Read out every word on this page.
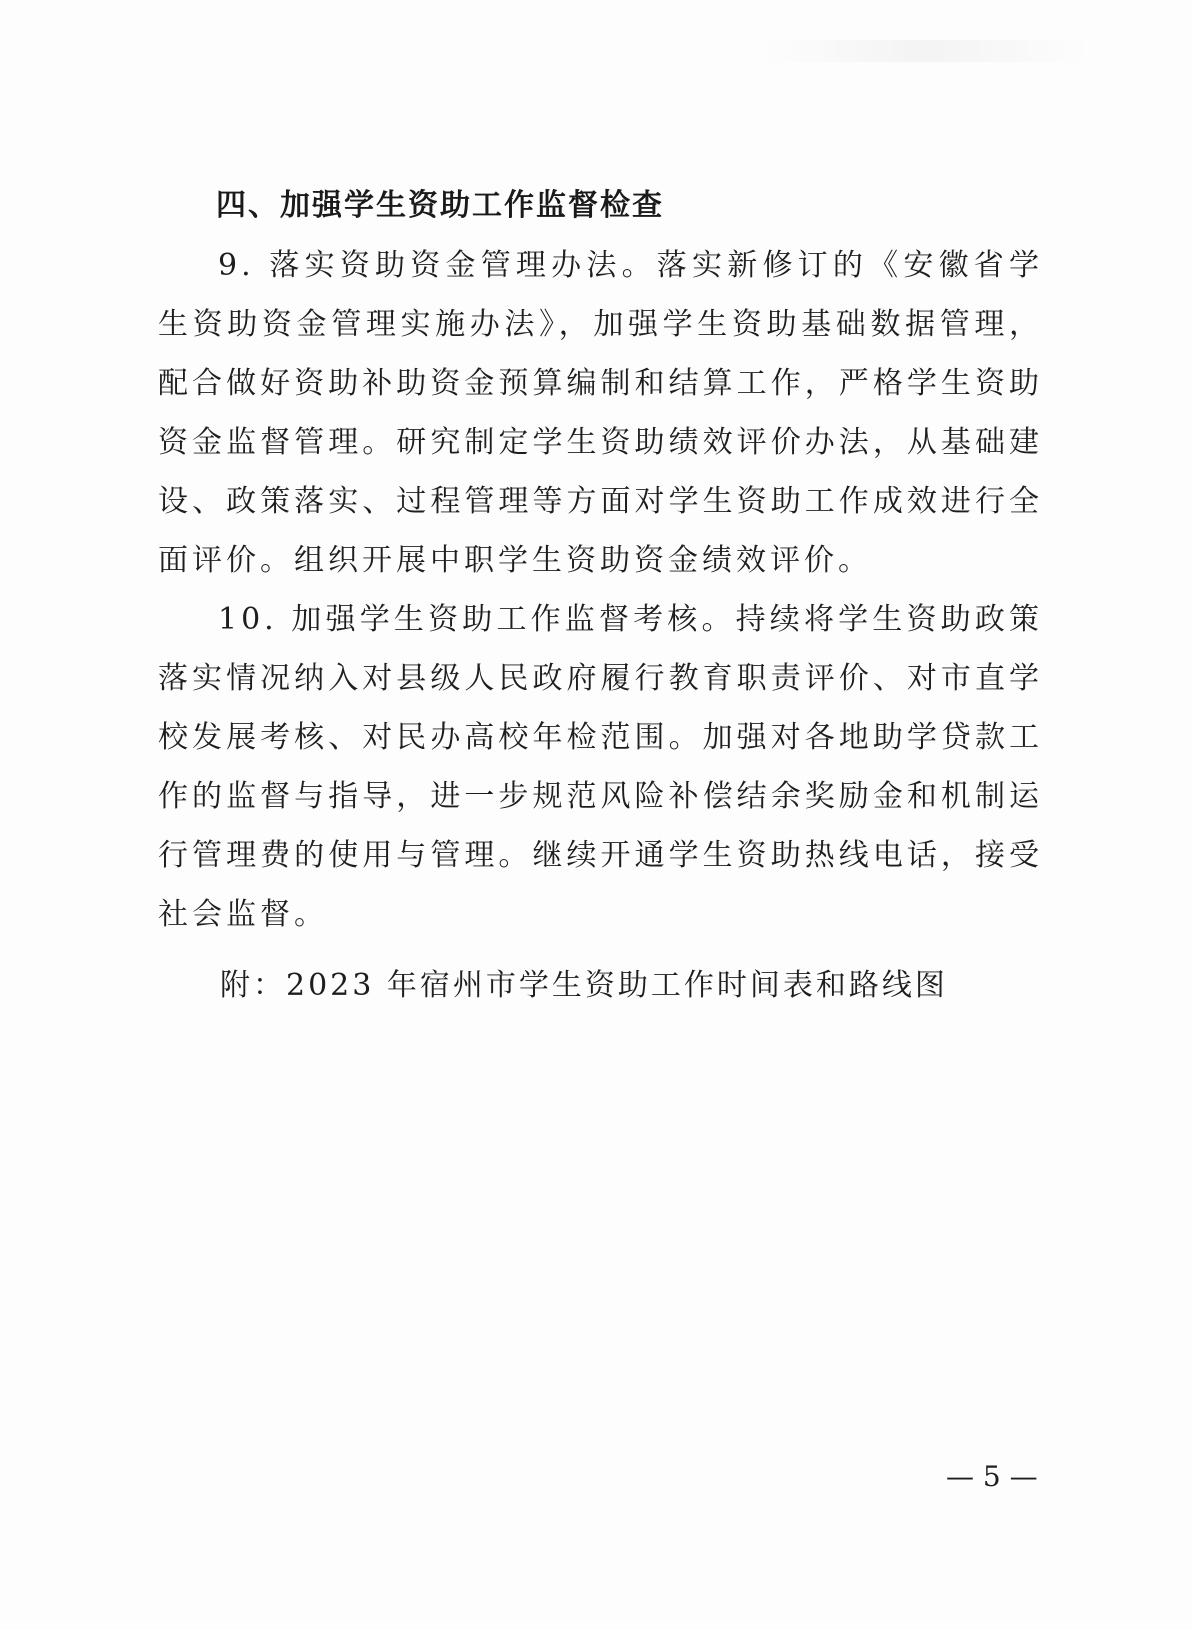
四、加强学生资助工作监督检查

9. 落实资助资金管理办法。落实新修订的《安徽省学生资助资金管理实施办法》，加强学生资助基础数据管理，配合做好资助补助资金预算编制和结算工作，严格学生资助资金监督管理。研究制定学生资助绩效评价办法，从基础建设、政策落实、过程管理等方面对学生资助工作成效进行全面评价。组织开展中职学生资助资金绩效评价。

10. 加强学生资助工作监督考核。持续将学生资助政策落实情况纳入对县级人民政府履行教育职责评价、对市直学校发展考核、对民办高校年检范围。加强对各地助学贷款工作的监督与指导，进一步规范风险补偿结余奖励金和机制运行管理费的使用与管理。继续开通学生资助热线电话，接受社会监督。

附：2023 年宿州市学生资助工作时间表和路线图
— 5 —
